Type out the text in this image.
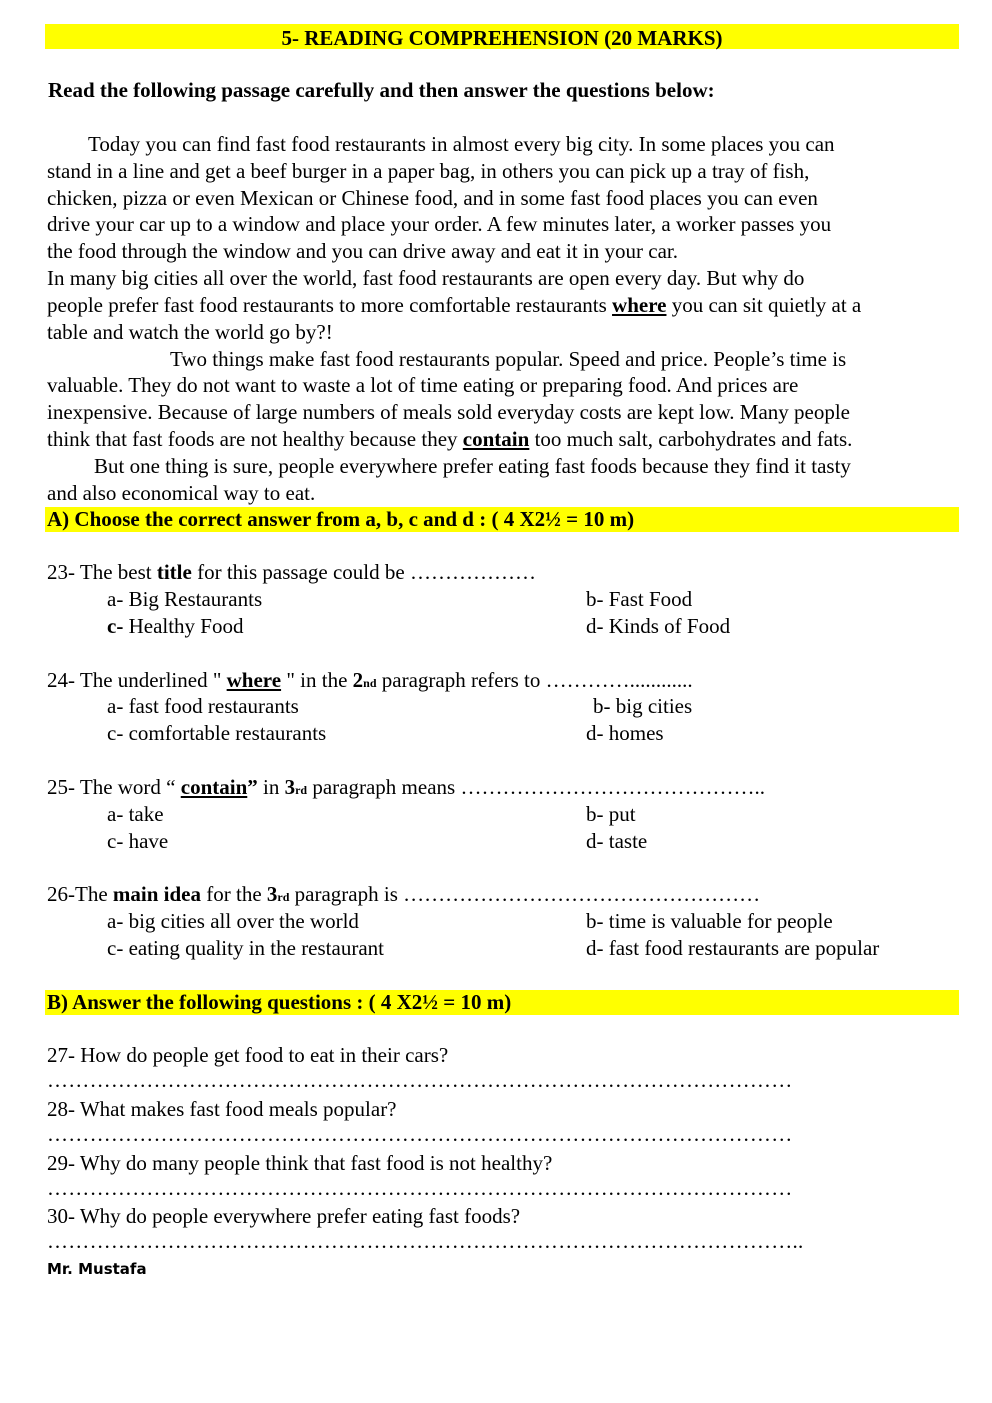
5- READING COMPREHENSION (20 MARKS)
Read the following passage carefully and then answer the questions below:
Today you can find fast food restaurants in almost every big city. In some places you can
stand in a line and get a beef burger in a paper bag, in others you can pick up a tray of fish,
chicken, pizza or even Mexican or Chinese food, and in some fast food places you can even
drive your car up to a window and place your order. A few minutes later, a worker passes you
the food through the window and you can drive away and eat it in your car.
In many big cities all over the world, fast food restaurants are open every day. But why do
people prefer fast food restaurants to more comfortable restaurants where you can sit quietly at a
table and watch the world go by?!
Two things make fast food restaurants popular. Speed and price. People’s time is
valuable. They do not want to waste a lot of time eating or preparing food. And prices are
inexpensive. Because of large numbers of meals sold everyday costs are kept low. Many people
think that fast foods are not healthy because they contain too much salt, carbohydrates and fats.
But one thing is sure, people everywhere prefer eating fast foods because they find it tasty
and also economical way to eat.
A) Choose the correct answer from a, b, c and d : ( 4 X2½ = 10 m)
23- The best title for this passage could be ………………
a- Big Restaurants	b- Fast Food
c- Healthy Food	d- Kinds of Food
24- The underlined " where " in the 2nd paragraph refers to …………............
a- fast food restaurants	b- big cities
c- comfortable restaurants	d- homes
25- The word “ contain” in 3rd paragraph means ……………………………………..
a- take	b- put
c- have	d- taste
26-The main idea for the 3rd paragraph is ……………………………………………
a- big cities all over the world	b- time is valuable for people
c- eating quality in the restaurant	d- fast food restaurants are popular
B) Answer the following questions : ( 4 X2½ = 10 m)
27- How do people get food to eat in their cars?
……………………………………………………………………………………………
28- What makes fast food meals popular?
……………………………………………………………………………………………
29- Why do many people think that fast food is not healthy?
……………………………………………………………………………………………
30- Why do people everywhere prefer eating fast foods?
……………………………………………………………………………………………..
Mr. Mustafa
